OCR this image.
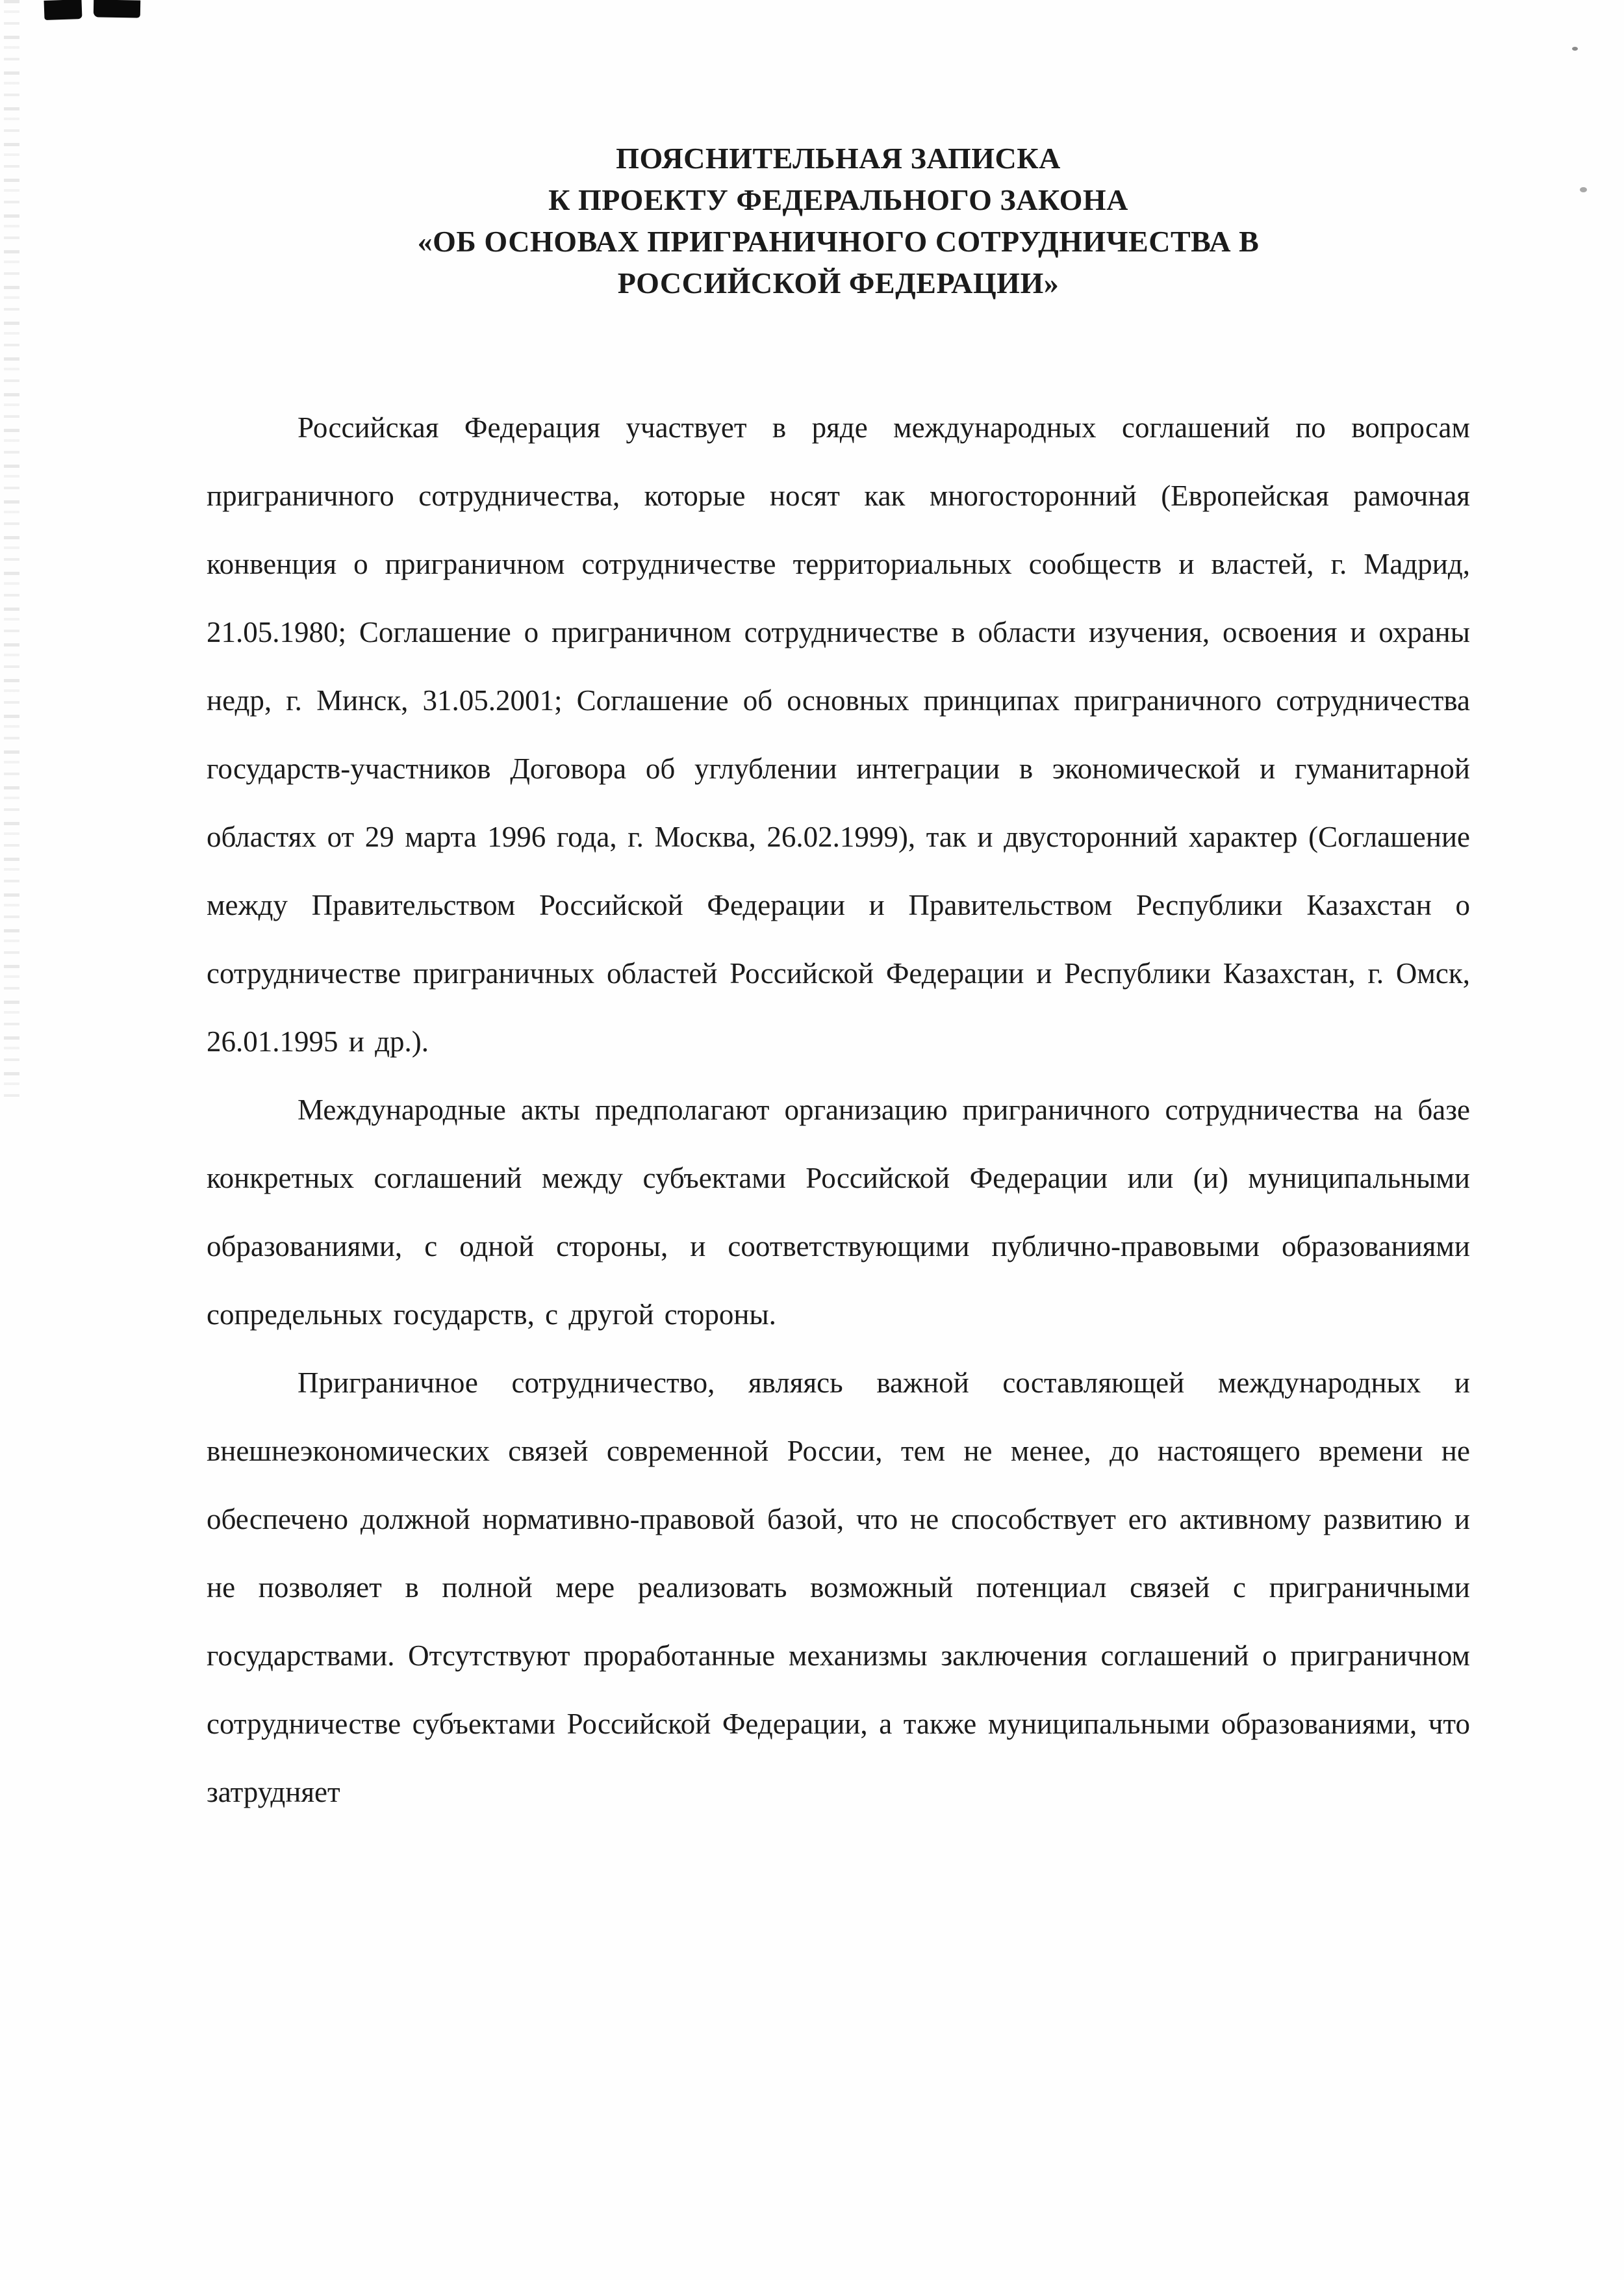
ПОЯСНИТЕЛЬНАЯ ЗАПИСКА
К ПРОЕКТУ ФЕДЕРАЛЬНОГО ЗАКОНА
«ОБ ОСНОВАХ ПРИГРАНИЧНОГО СОТРУДНИЧЕСТВА В
РОССИЙСКОЙ ФЕДЕРАЦИИ»

Российская Федерация участвует в ряде международных соглашений по вопросам приграничного сотрудничества, которые носят как многосторонний (Европейская рамочная конвенция о приграничном сотрудничестве территориальных сообществ и властей, г. Мадрид, 21.05.1980; Соглашение о приграничном сотрудничестве в области изучения, освоения и охраны недр, г. Минск, 31.05.2001; Соглашение об основных принципах приграничного сотрудничества государств-участников Договора об углублении интеграции в экономической и гуманитарной областях от 29 марта 1996 года, г. Москва, 26.02.1999), так и двусторонний характер (Соглашение между Правительством Российской Федерации и Правительством Республики Казахстан о сотрудничестве приграничных областей Российской Федерации и Республики Казахстан, г. Омск, 26.01.1995 и др.).

Международные акты предполагают организацию приграничного сотрудничества на базе конкретных соглашений между субъектами Российской Федерации или (и) муниципальными образованиями, с одной стороны, и соответствующими публично-правовыми образованиями сопредельных государств, с другой стороны.

Приграничное сотрудничество, являясь важной составляющей международных и внешнеэкономических связей современной России, тем не менее, до настоящего времени не обеспечено должной нормативно-правовой базой, что не способствует его активному развитию и не позволяет в полной мере реализовать возможный потенциал связей с приграничными государствами. Отсутствуют проработанные механизмы заключения соглашений о приграничном сотрудничестве субъектами Российской Федерации, а также муниципальными образованиями, что затрудняет
